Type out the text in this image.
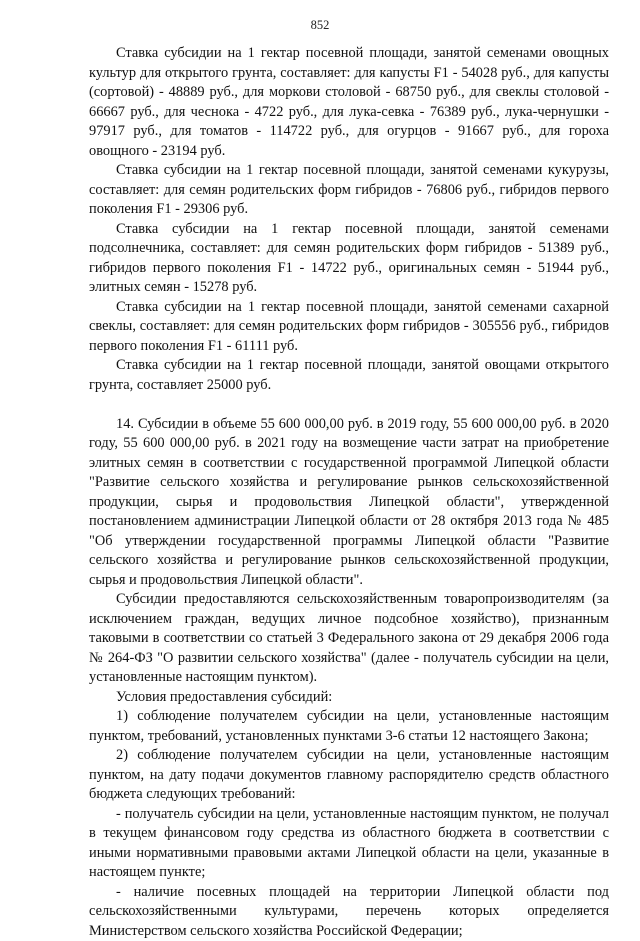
852

Ставка субсидии на 1 гектар посевной площади, занятой семенами овощных культур для открытого грунта, составляет: для капусты F1 - 54028 руб., для капусты (сортовой) - 48889 руб., для моркови столовой - 68750 руб., для свеклы столовой - 66667 руб., для чеснока - 4722 руб., для лука-севка - 76389 руб., лука-чернушки - 97917 руб., для томатов - 114722 руб., для огурцов - 91667 руб., для гороха овощного - 23194 руб.

Ставка субсидии на 1 гектар посевной площади, занятой семенами кукурузы, составляет: для семян родительских форм гибридов - 76806 руб., гибридов первого поколения F1 - 29306 руб.

Ставка субсидии на 1 гектар посевной площади, занятой семенами подсолнечника, составляет: для семян родительских форм гибридов - 51389 руб., гибридов первого поколения F1 - 14722 руб., оригинальных семян - 51944 руб., элитных семян - 15278 руб.

Ставка субсидии на 1 гектар посевной площади, занятой семенами сахарной свеклы, составляет: для семян родительских форм гибридов - 305556 руб., гибридов первого поколения F1 - 61111 руб.

Ставка субсидии на 1 гектар посевной площади, занятой овощами открытого грунта, составляет 25000 руб.

14. Субсидии в объеме 55 600 000,00 руб. в 2019 году, 55 600 000,00 руб. в 2020 году, 55 600 000,00 руб. в 2021 году на возмещение части затрат на приобретение элитных семян в соответствии с государственной программой Липецкой области "Развитие сельского хозяйства и регулирование рынков сельскохозяйственной продукции, сырья и продовольствия Липецкой области", утвержденной постановлением администрации Липецкой области от 28 октября 2013 года № 485 "Об утверждении государственной программы Липецкой области "Развитие сельского хозяйства и регулирование рынков сельскохозяйственной продукции, сырья и продовольствия Липецкой области".

Субсидии предоставляются сельскохозяйственным товаропроизводителям (за исключением граждан, ведущих личное подсобное хозяйство), признанным таковыми в соответствии со статьей 3 Федерального закона от 29 декабря 2006 года № 264-ФЗ "О развитии сельского хозяйства" (далее - получатель субсидии на цели, установленные настоящим пунктом).

Условия предоставления субсидий:

1) соблюдение получателем субсидии на цели, установленные настоящим пунктом, требований, установленных пунктами 3-6 статьи 12 настоящего Закона;

2) соблюдение получателем субсидии на цели, установленные настоящим пунктом, на дату подачи документов главному распорядителю средств областного бюджета следующих требований:

- получатель субсидии на цели, установленные настоящим пунктом, не получал в текущем финансовом году средства из областного бюджета в соответствии с иными нормативными правовыми актами Липецкой области на цели, указанные в настоящем пункте;

- наличие посевных площадей на территории Липецкой области под сельскохозяйственными культурами, перечень которых определяется Министерством сельского хозяйства Российской Федерации;
